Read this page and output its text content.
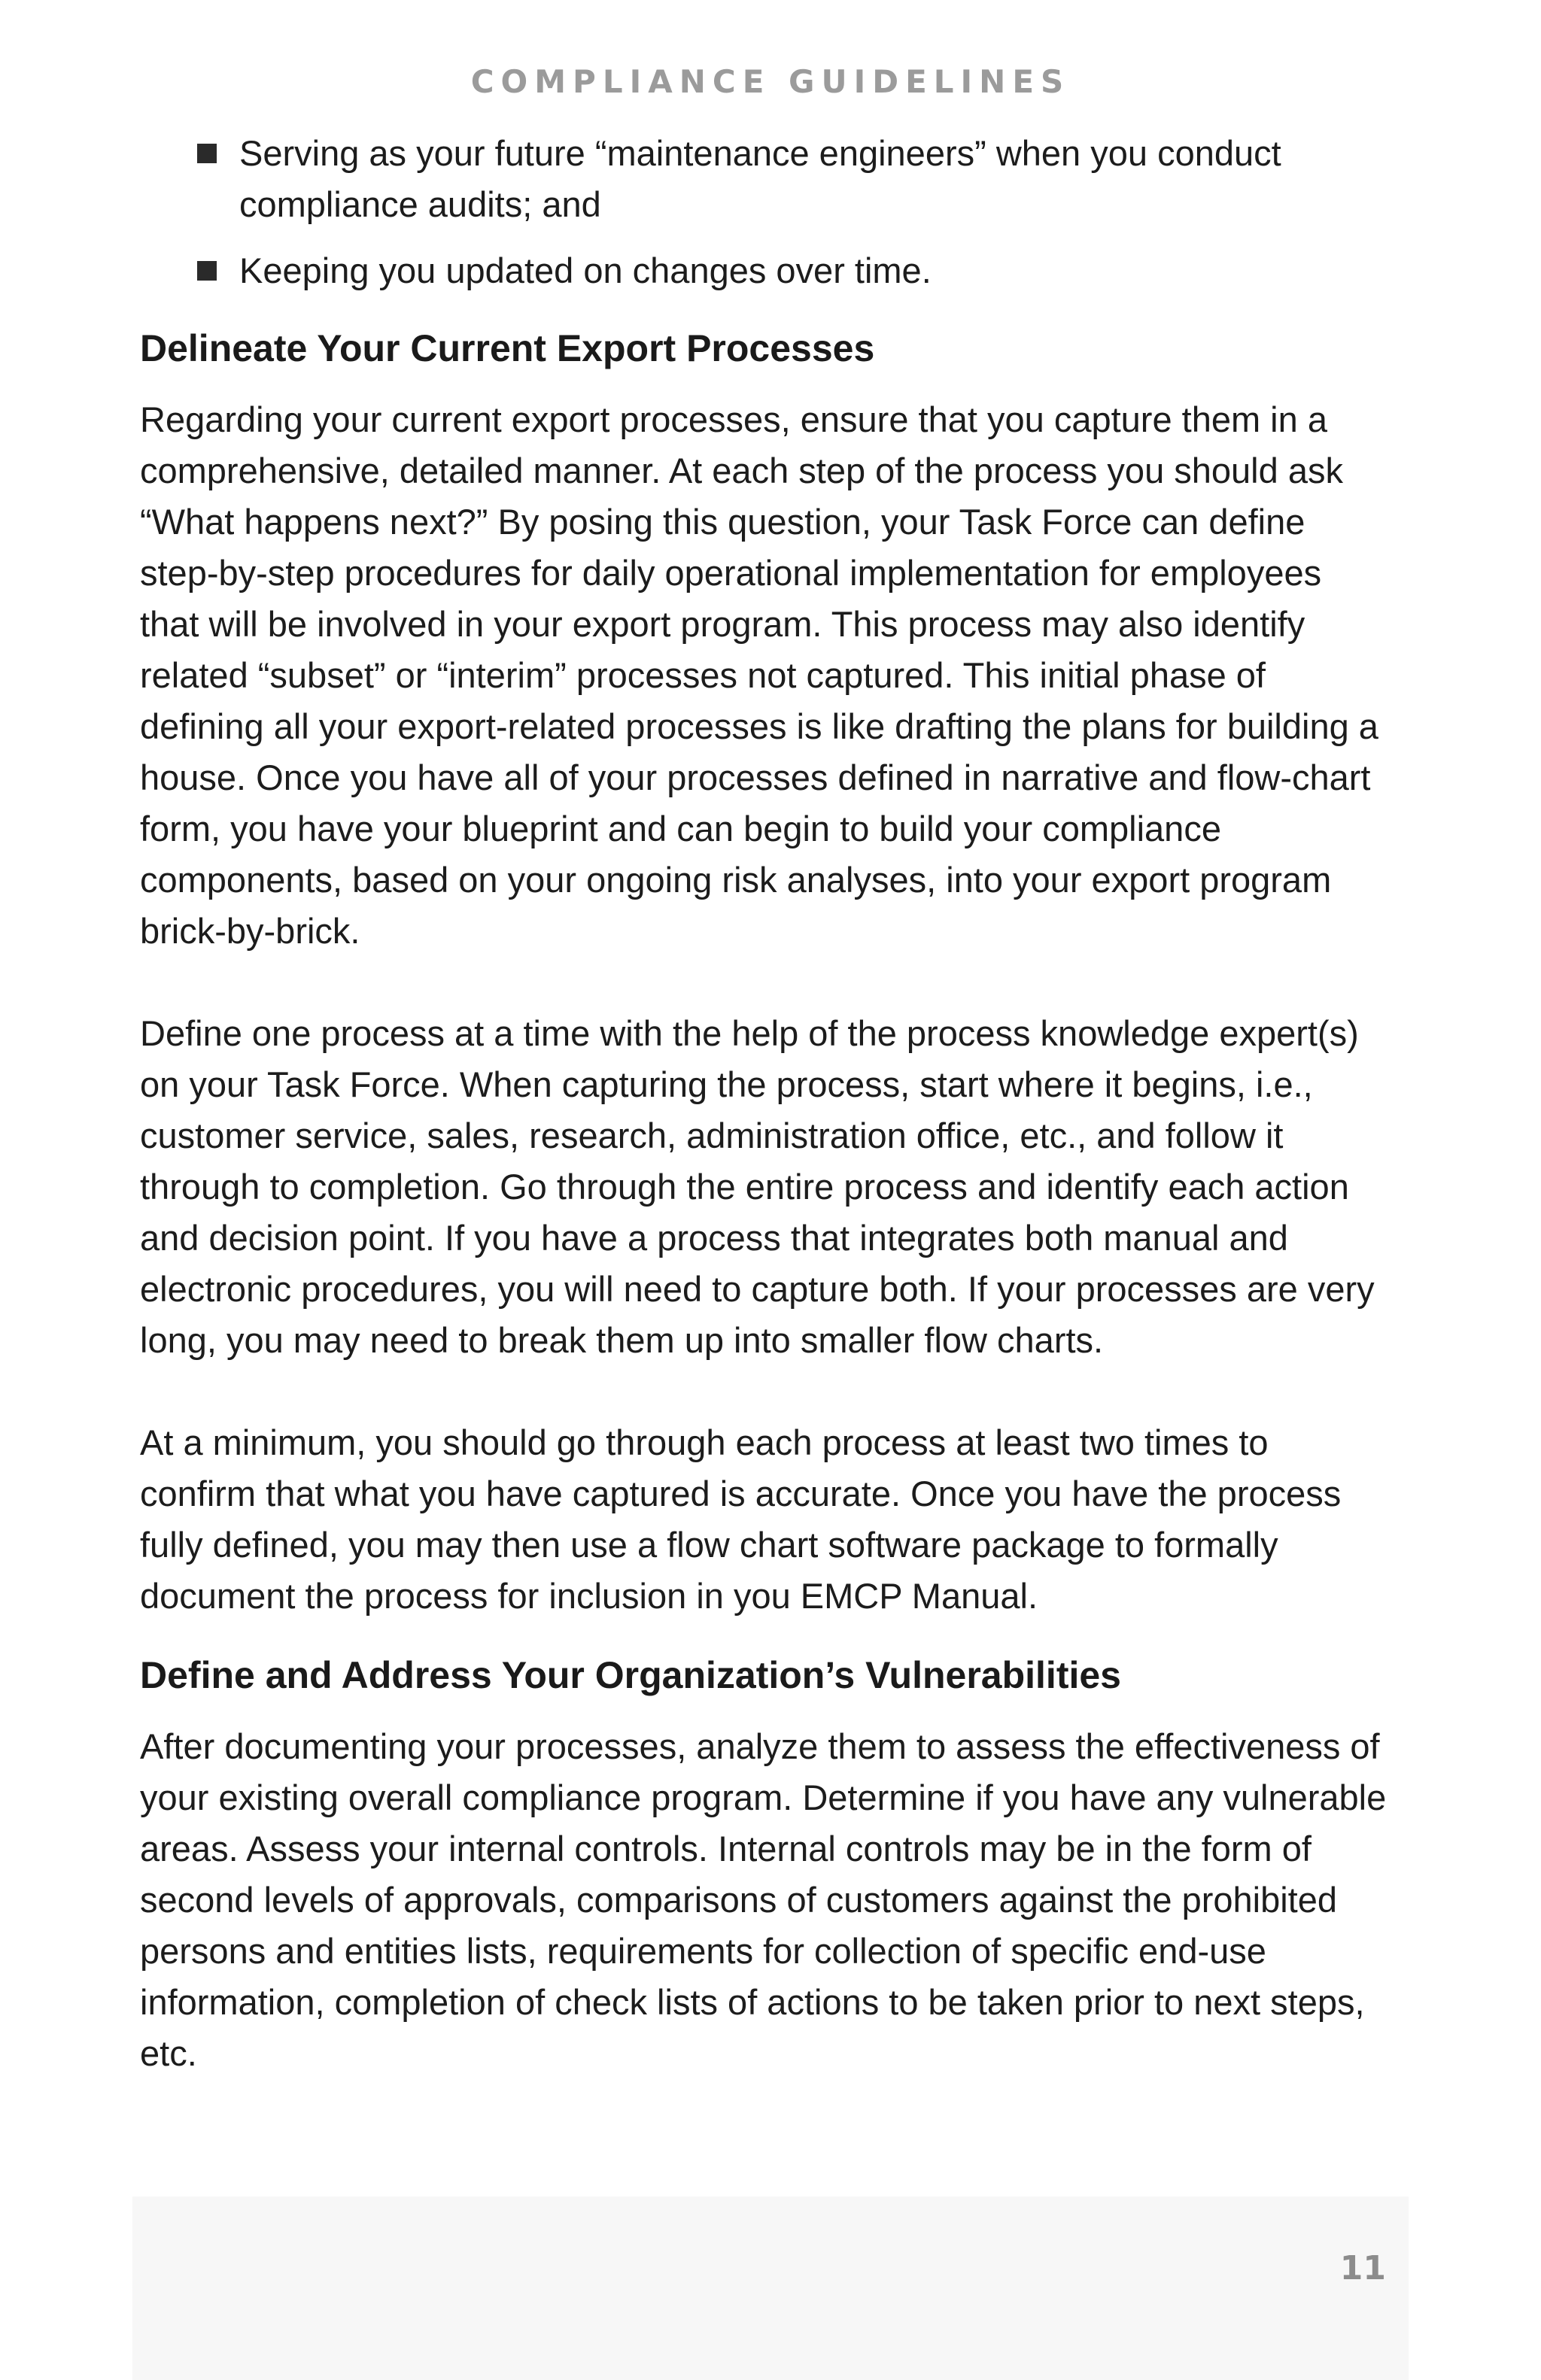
COMPLIANCE GUIDELINES
Serving as your future “maintenance engineers” when you conduct compliance audits; and
Keeping you updated on changes over time.
Delineate Your Current Export Processes

Regarding your current export processes, ensure that you capture them in a comprehensive, detailed manner. At each step of the process you should ask “What happens next?” By posing this question, your Task Force can define step-by-step procedures for daily operational implementation for employees that will be involved in your export program. This process may also identify related “subset” or “interim” processes not captured. This initial phase of defining all your export-related processes is like drafting the plans for building a house. Once you have all of your processes defined in narrative and flow-chart form, you have your blueprint and can begin to build your compliance components, based on your ongoing risk analyses, into your export program brick-by-brick.

Define one process at a time with the help of the process knowledge expert(s) on your Task Force. When capturing the process, start where it begins, i.e., customer service, sales, research, administration office, etc., and follow it through to completion. Go through the entire process and identify each action and decision point. If you have a process that integrates both manual and electronic procedures, you will need to capture both. If your processes are very long, you may need to break them up into smaller flow charts.

At a minimum, you should go through each process at least two times to confirm that what you have captured is accurate. Once you have the process fully defined, you may then use a flow chart software package to formally document the process for inclusion in you EMCP Manual.

Define and Address Your Organization’s Vulnerabilities

After documenting your processes, analyze them to assess the effectiveness of your existing overall compliance program. Determine if you have any vulnerable areas. Assess your internal controls. Internal controls may be in the form of second levels of approvals, comparisons of customers against the prohibited persons and entities lists, requirements for collection of specific end-use information, completion of check lists of actions to be taken prior to next steps, etc.

11
